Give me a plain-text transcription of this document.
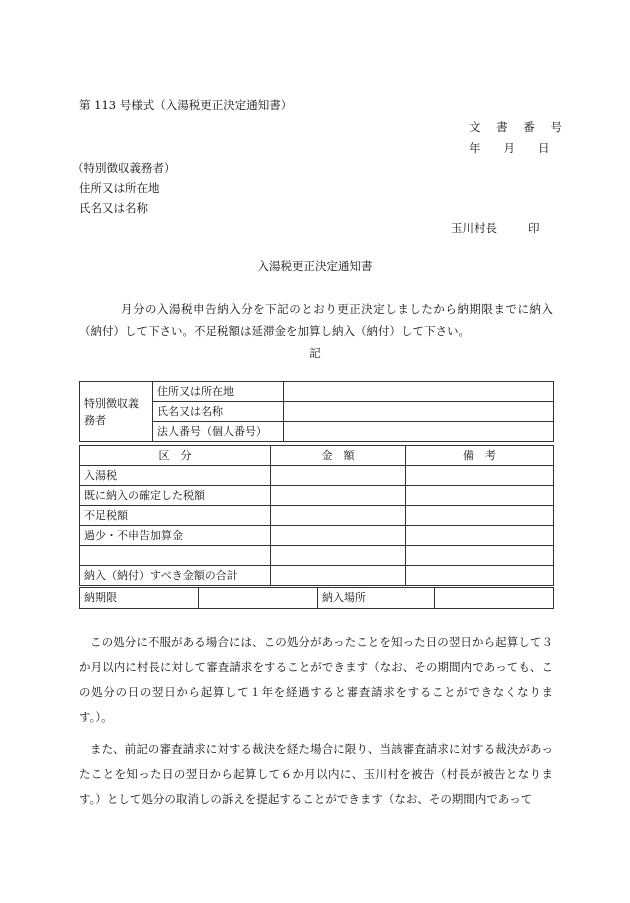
第 113 号様式（入湯税更正決定通知書）
文 書 番 号
年　　月　　日
（特別徴収義務者）
住所又は所在地
氏名又は名称
玉川村長	印
入湯税更正決定通知書
月分の入湯税申告納入分を下記のとおり更正決定しましたから納期限までに納入（納付）して下さい。不足税額は延滞金を加算し納入（納付）して下さい。
記
特別徴収義務者	住所又は所在地	
	氏名又は名称	
	法人番号（個人番号）	
区　分	金　額	備　考
入湯税		
既に納入の確定した税額		
不足税額		
過少・不申告加算金		

納入（納付）すべき金額の合計		
納期限		納入場所	
この処分に不服がある場合には、この処分があったことを知った日の翌日から起算して３か月以内に村長に対して審査請求をすることができます（なお、その期間内であっても、この処分の日の翌日から起算して１年を経過すると審査請求をすることができなくなります。）。
また、前記の審査請求に対する裁決を経た場合に限り、当該審査請求に対する裁決があったことを知った日の翌日から起算して６か月以内に、玉川村を被告（村長が被告となります。）として処分の取消しの訴えを提起することができます（なお、その期間内であって
